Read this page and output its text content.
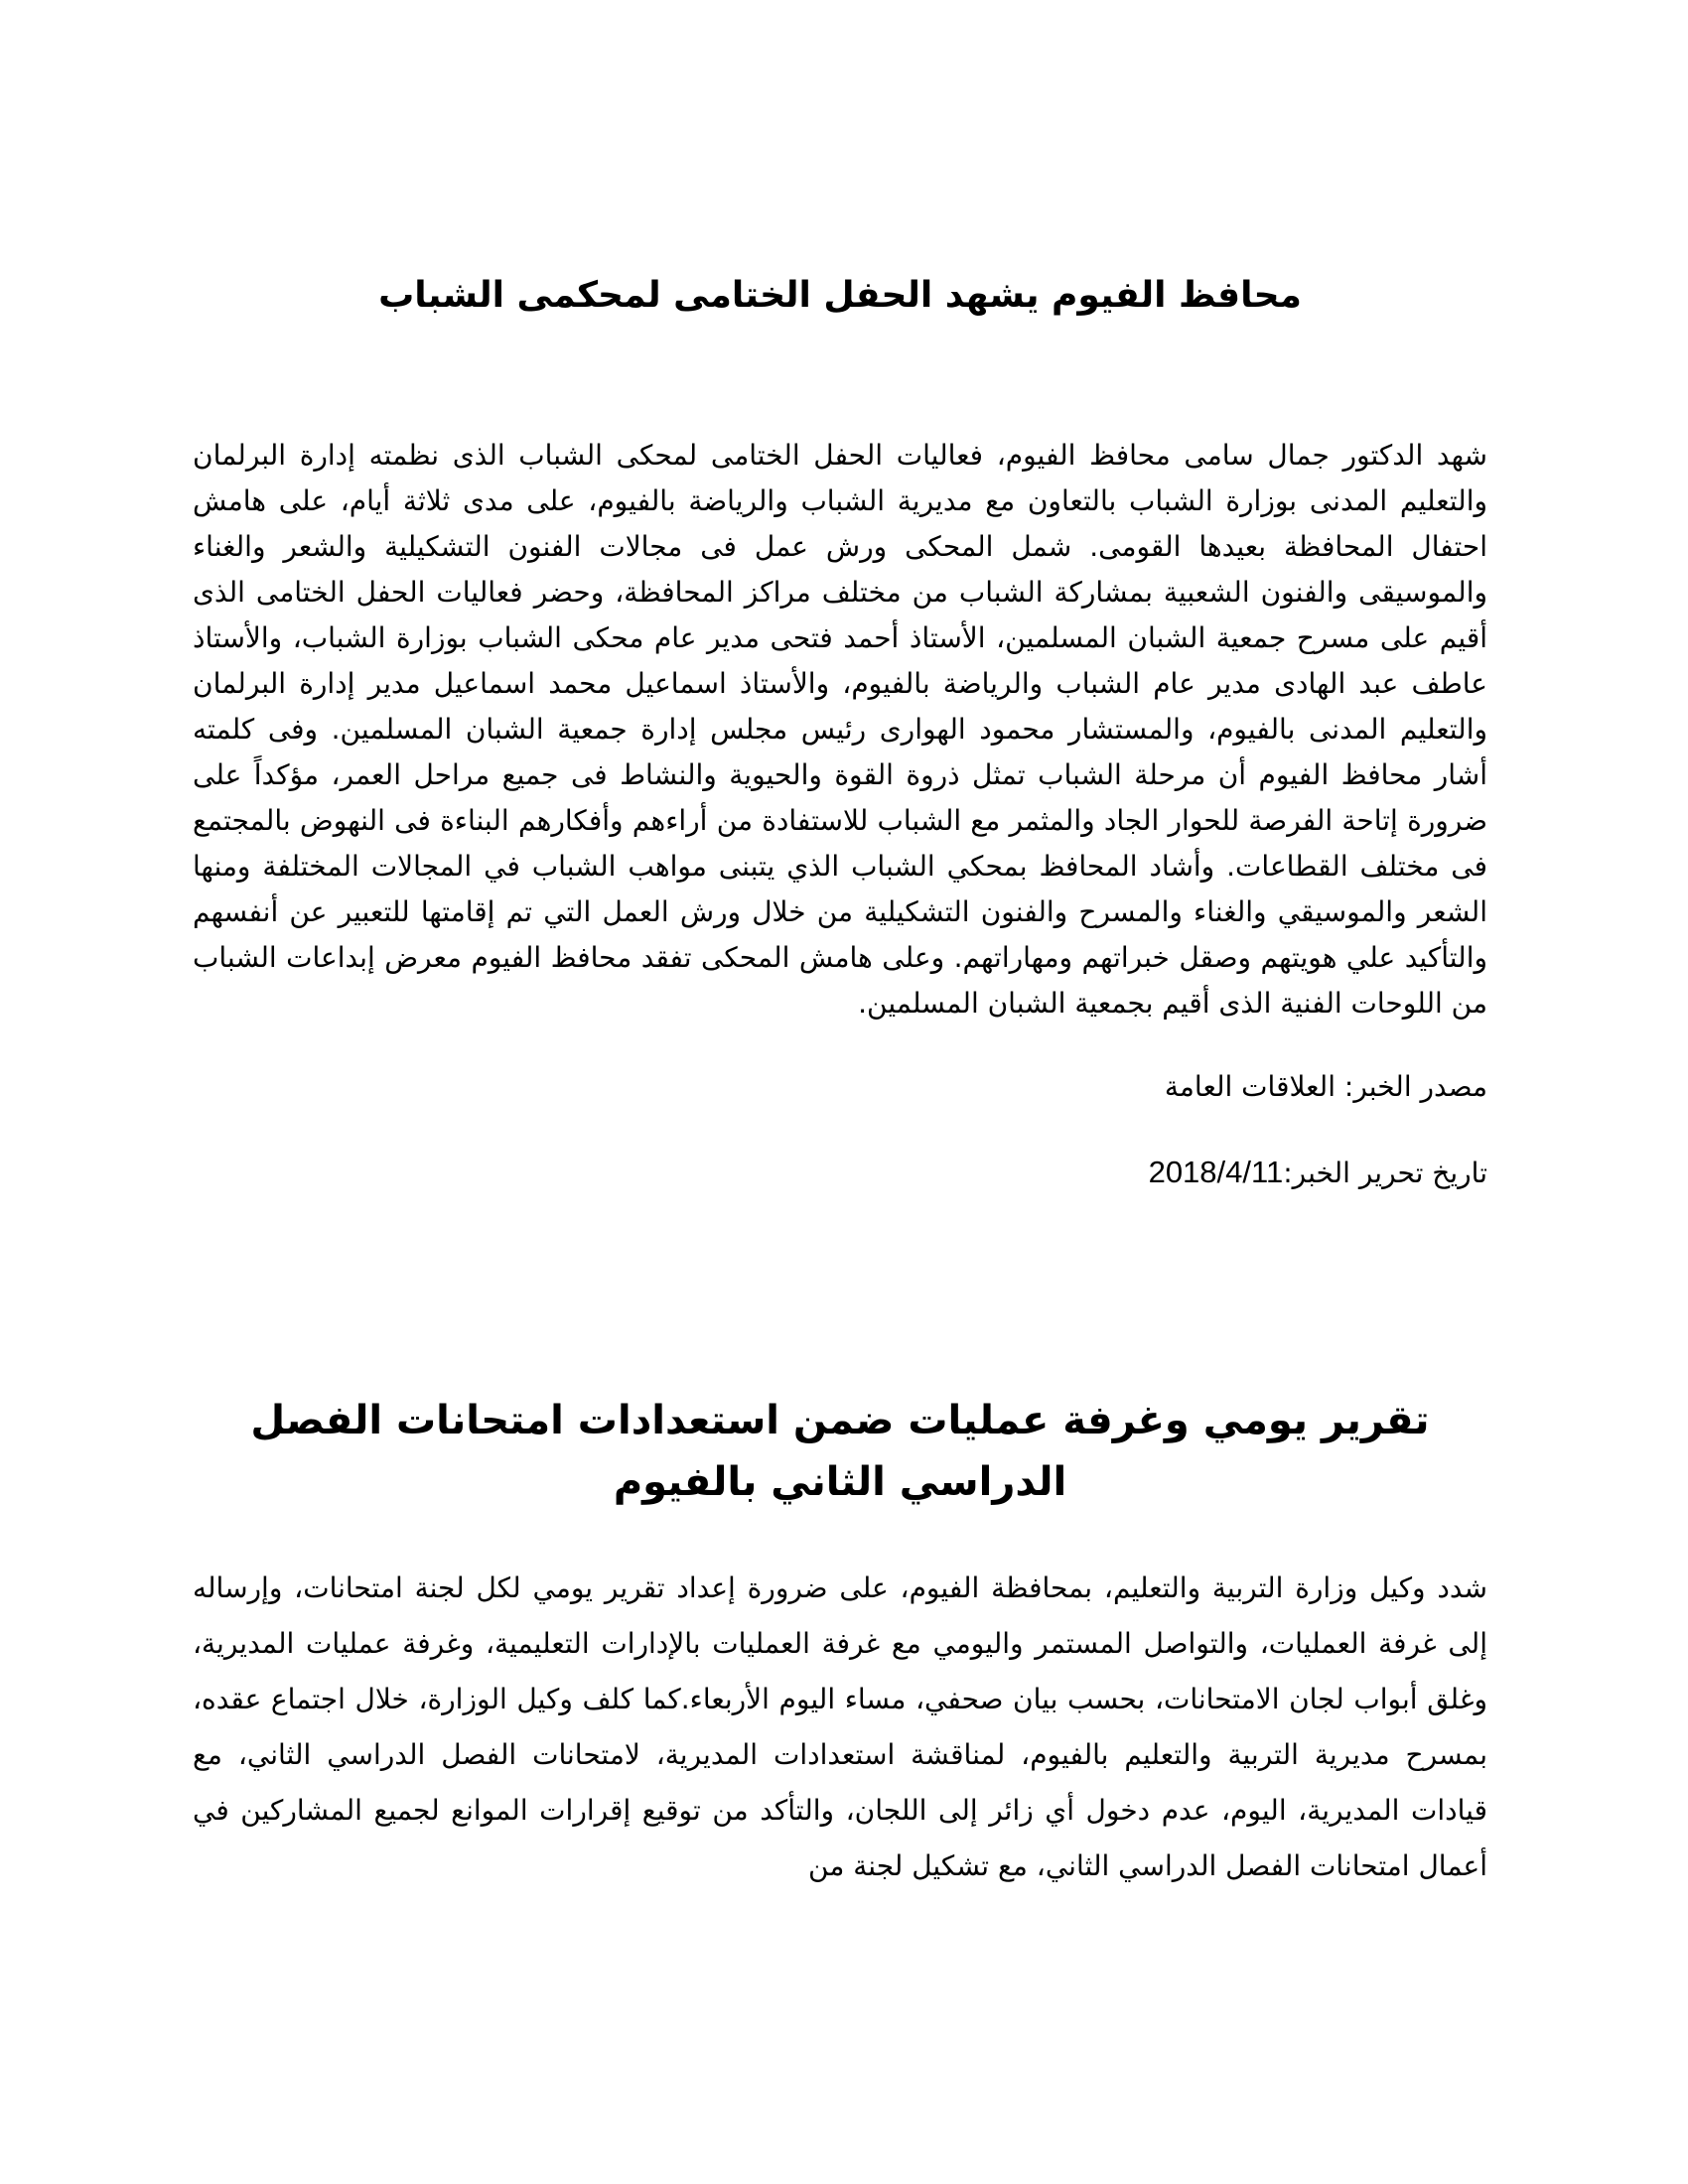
محافظ الفيوم يشهد الحفل الختامى لمحكمى الشباب

شهد الدكتور جمال سامى محافظ الفيوم، فعاليات الحفل الختامى لمحكى الشباب الذى نظمته إدارة البرلمان والتعليم المدنى بوزارة الشباب بالتعاون مع مديرية الشباب والرياضة بالفيوم، على مدى ثلاثة أيام، على هامش احتفال المحافظة بعيدها القومى. شمل المحكى ورش عمل فى مجالات الفنون التشكيلية والشعر والغناء والموسيقى والفنون الشعبية بمشاركة الشباب من مختلف مراكز المحافظة، وحضر فعاليات الحفل الختامى الذى أقيم على مسرح جمعية الشبان المسلمين، الأستاذ أحمد فتحى مدير عام محكى الشباب بوزارة الشباب، والأستاذ عاطف عبد الهادى مدير عام الشباب والرياضة بالفيوم، والأستاذ اسماعيل محمد اسماعيل مدير إدارة البرلمان والتعليم المدنى بالفيوم، والمستشار محمود الهوارى رئيس مجلس إدارة جمعية الشبان المسلمين. وفى كلمته أشار محافظ الفيوم أن مرحلة الشباب تمثل ذروة القوة والحيوية والنشاط فى جميع مراحل العمر، مؤكداً على ضرورة إتاحة الفرصة للحوار الجاد والمثمر مع الشباب للاستفادة من أراءهم وأفكارهم البناءة فى النهوض بالمجتمع فى مختلف القطاعات. وأشاد المحافظ بمحكي الشباب الذي يتبنى مواهب الشباب في المجالات المختلفة ومنها الشعر والموسيقي والغناء والمسرح والفنون التشكيلية من خلال ورش العمل التي تم إقامتها للتعبير عن أنفسهم والتأكيد علي هويتهم وصقل خبراتهم ومهاراتهم. وعلى هامش المحكى تفقد محافظ الفيوم معرض إبداعات الشباب من اللوحات الفنية الذى أقيم بجمعية الشبان المسلمين.

مصدر الخبر: العلاقات العامة

تاريخ تحرير الخبر:2018/4/11

تقرير يومي وغرفة عمليات ضمن استعدادات امتحانات الفصل الدراسي الثاني بالفيوم

شدد وكيل وزارة التربية والتعليم، بمحافظة الفيوم، على ضرورة إعداد تقرير يومي لكل لجنة امتحانات، وإرساله إلى غرفة العمليات، والتواصل المستمر واليومي مع غرفة العمليات بالإدارات التعليمية، وغرفة عمليات المديرية، وغلق أبواب لجان الامتحانات، بحسب بيان صحفي، مساء اليوم الأربعاء.كما كلف وكيل الوزارة، خلال اجتماع عقده، بمسرح مديرية التربية والتعليم بالفيوم، لمناقشة استعدادات المديرية، لامتحانات الفصل الدراسي الثاني، مع قيادات المديرية، اليوم، عدم دخول أي زائر إلى اللجان، والتأكد من توقيع إقرارات الموانع لجميع المشاركين في أعمال امتحانات الفصل الدراسي الثاني، مع تشكيل لجنة من
